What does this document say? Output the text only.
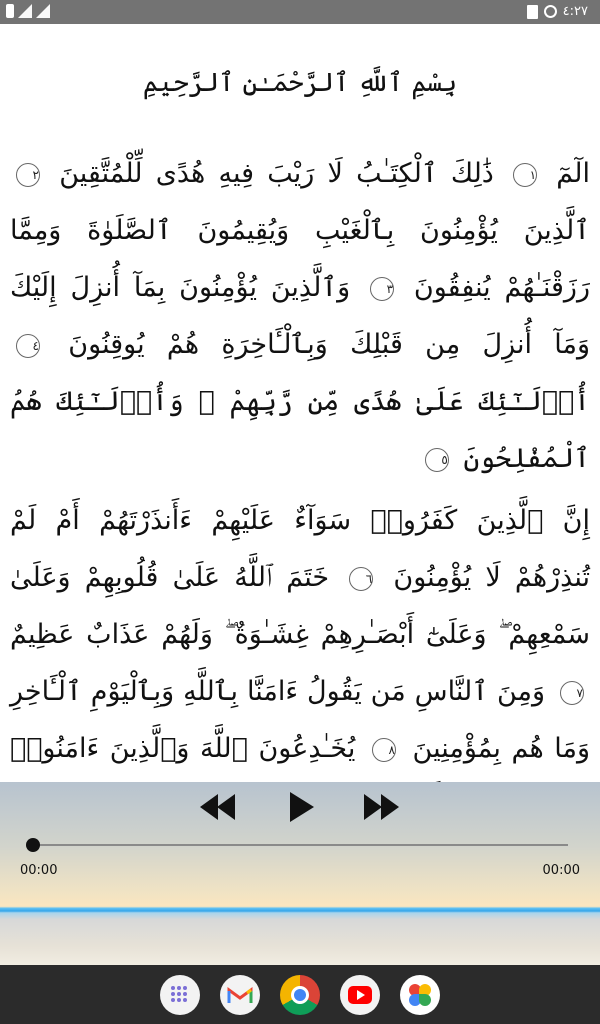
٤:٢٧
بِسْمِ ٱللَّهِ ٱلرَّحْمَـٰنِ ٱلرَّحِيمِ
الٓمٓ ١ ذَٰلِكَ ٱلْكِتَـٰبُ لَا رَيْبَ فِيهِ هُدًى لِّلْمُتَّقِينَ ٢ ٱلَّذِينَ يُؤْمِنُونَ بِٱلْغَيْبِ وَيُقِيمُونَ ٱلصَّلَوٰةَ وَمِمَّا رَزَقْنَـٰهُمْ يُنفِقُونَ ٣ وَٱلَّذِينَ يُؤْمِنُونَ بِمَآ أُنزِلَ إِلَيْكَ وَمَآ أُنزِلَ مِن قَبْلِكَ وَبِٱلْـَٔاخِرَةِ هُمْ يُوقِنُونَ ٤ أُو۟لَـٰٓئِكَ عَلَىٰ هُدًى مِّن رَّبِّهِمْ ۖ وَأُو۟لَـٰٓئِكَ هُمُ ٱلْمُفْلِحُونَ ٥
إِنَّ ٱلَّذِينَ كَفَرُوا۟ سَوَآءٌ عَلَيْهِمْ ءَأَنذَرْتَهُمْ أَمْ لَمْ تُنذِرْهُمْ لَا يُؤْمِنُونَ ٦ خَتَمَ ٱللَّهُ عَلَىٰ قُلُوبِهِمْ وَعَلَىٰ سَمْعِهِمْ ۖ وَعَلَىٰٓ أَبْصَـٰرِهِمْ غِشَـٰوَةٌ ۖ وَلَهُمْ عَذَابٌ عَظِيمٌ ٧ وَمِنَ ٱلنَّاسِ مَن يَقُولُ ءَامَنَّا بِٱللَّهِ وَبِٱلْيَوْمِ ٱلْـَٔاخِرِ وَمَا هُم بِمُؤْمِنِينَ ٨ يُخَـٰدِعُونَ ٱللَّهَ وَٱلَّذِينَ ءَامَنُوا۟
00:00	00:00
